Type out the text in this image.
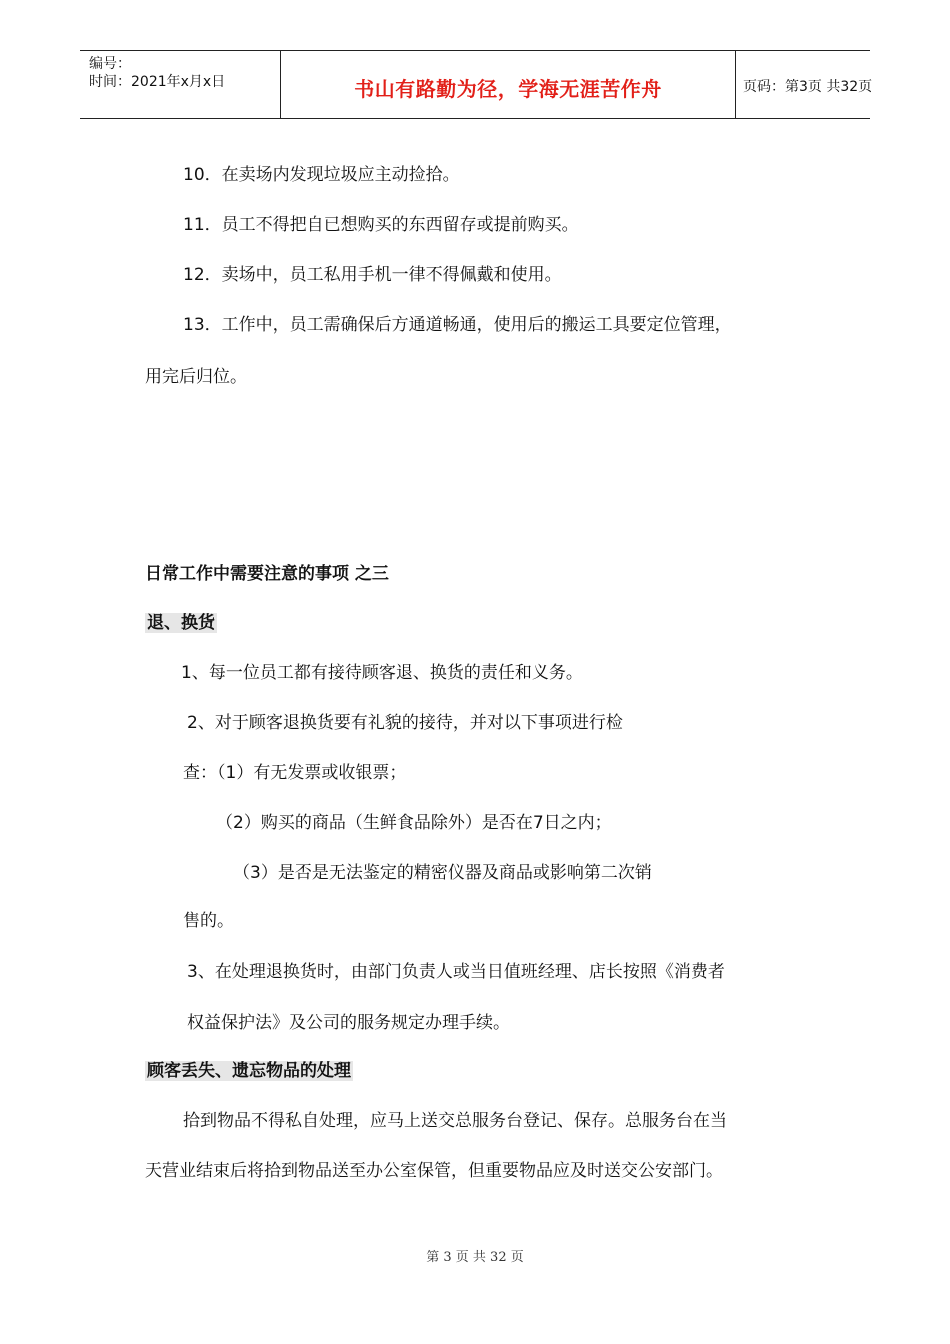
编号：
时间：2021年x月x日	书山有路勤为径，学海无涯苦作舟	页码：第3页 共32页
10．在卖场内发现垃圾应主动捡拾。
11．员工不得把自已想购买的东西留存或提前购买。
12．卖场中，员工私用手机一律不得佩戴和使用。
13．工作中，员工需确保后方通道畅通，使用后的搬运工具要定位管理，
用完后归位。
日常工作中需要注意的事项 之三
退、换货
1、每一位员工都有接待顾客退、换货的责任和义务。
2、对于顾客退换货要有礼貌的接待，并对以下事项进行检
查：（1）有无发票或收银票；
（2）购买的商品（生鲜食品除外）是否在7日之内；
（3）是否是无法鉴定的精密仪器及商品或影响第二次销
售的。
3、在处理退换货时，由部门负责人或当日值班经理、店长按照《消费者
权益保护法》及公司的服务规定办理手续。
顾客丢失、遗忘物品的处理
拾到物品不得私自处理，应马上送交总服务台登记、保存。总服务台在当
天营业结束后将拾到物品送至办公室保管，但重要物品应及时送交公安部门。
第 3 页 共 32 页
